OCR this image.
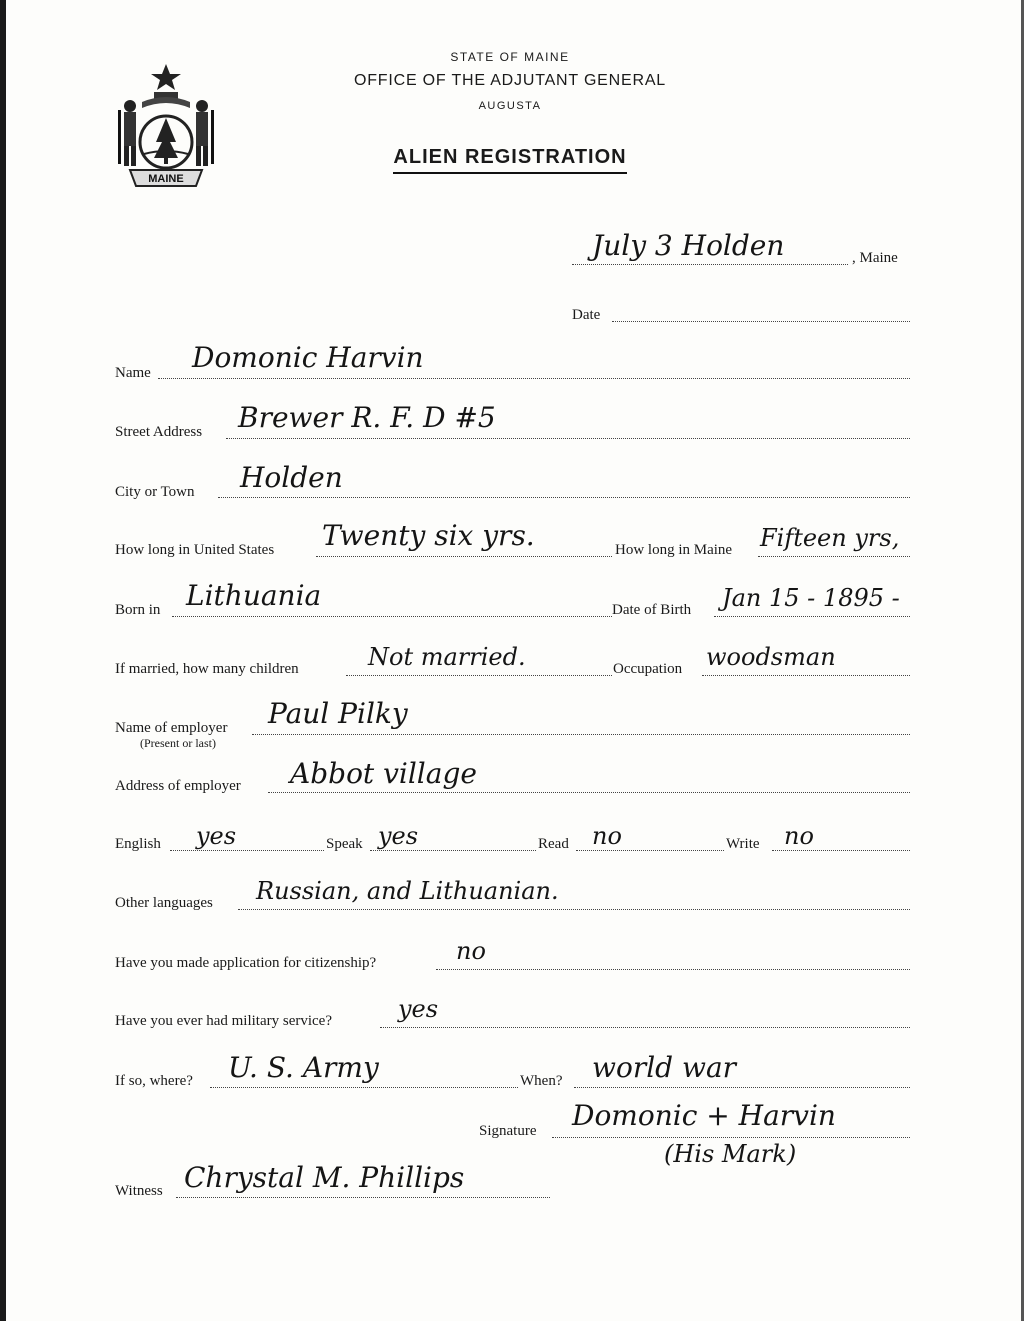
MAINE
STATE OF MAINE
OFFICE OF THE ADJUTANT GENERAL
AUGUSTA
ALIEN REGISTRATION
July 3 Holden	, Maine
Date
Name Domonic Harvin
Street Address Brewer R. F. D #5
City or Town Holden
How long in United States Twenty six yrs.	How long in Maine Fifteen yrs,
Born in Lithuania	Date of Birth Jan 15 - 1895 -
If married, how many children	Not married.	Occupation woodsman
Name of employer
(Present or last)
Paul Pilky
Address of employer Abbot village
English yes	Speak yes	Read no	Write no
Other languages Russian, and Lithuanian.
Have you made application for citizenship?	no
Have you ever had military service?	yes
If so, where? U. S. Army	When? world war
Signature Domonic + Harvin
(His Mark)
Witness Chrystal M. Phillips
